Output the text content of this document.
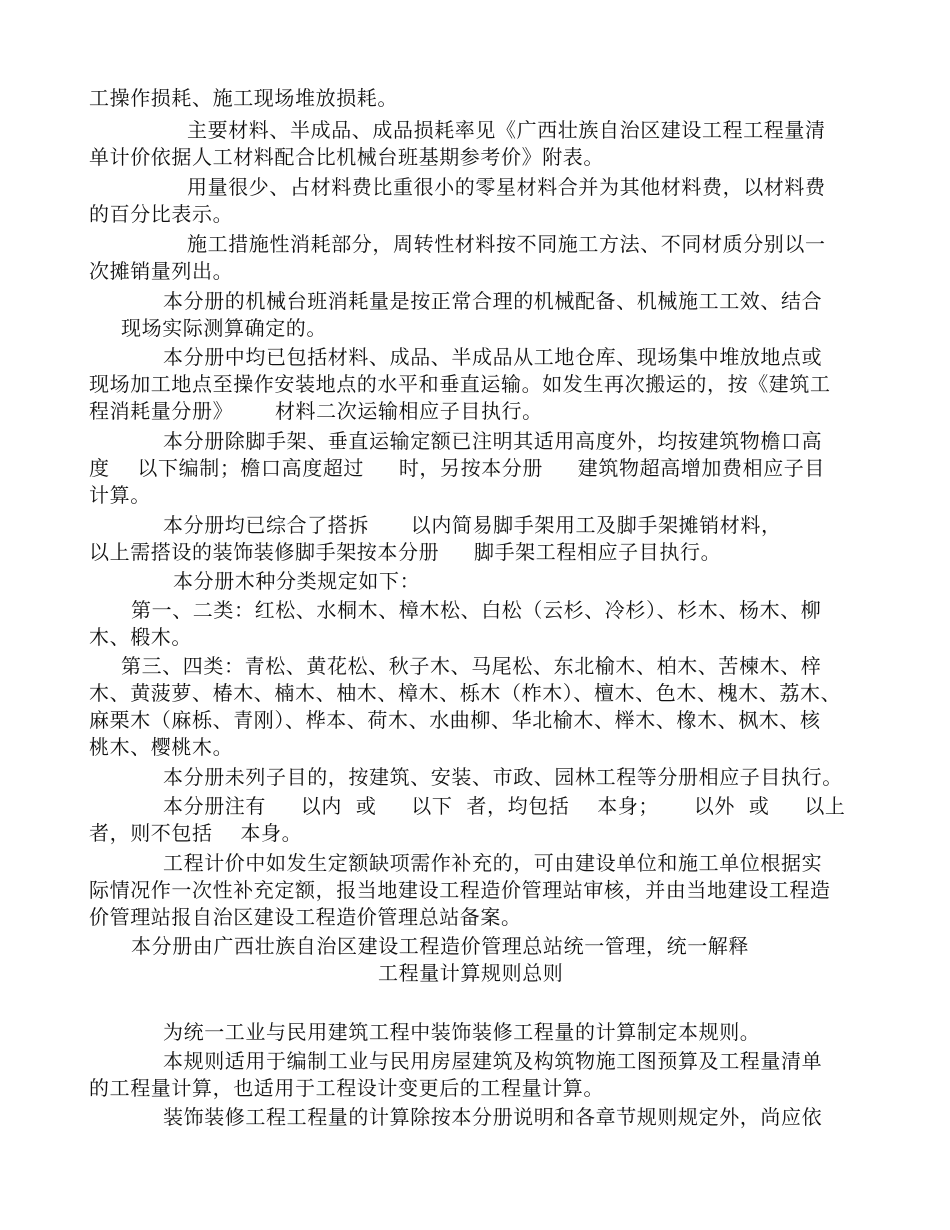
工操作损耗、施工现场堆放损耗。
主要材料、半成品、成品损耗率见《广西壮族自治区建设工程工程量清
单计价依据人工材料配合比机械台班基期参考价》附表。
用量很少、占材料费比重很小的零星材料合并为其他材料费，以材料费
的百分比表示。
施工措施性消耗部分，周转性材料按不同施工方法、不同材质分别以一
次摊销量列出。
本分册的机械台班消耗量是按正常合理的机械配备、机械施工工效、结合
现场实际测算确定的。
本分册中均已包括材料、成品、半成品从工地仓库、现场集中堆放地点或
现场加工地点至操作安装地点的水平和垂直运输。如发生再次搬运的，按《建筑工
程消耗量分册》      材料二次运输相应子目执行。
本分册除脚手架、垂直运输定额已注明其适用高度外，均按建筑物檐口高
度    以下编制；檐口高度超过     时，另按本分册     建筑物超高增加费相应子目
计算。
本分册均已综合了搭拆      以内简易脚手架用工及脚手架摊销材料，
以上需搭设的装饰装修脚手架按本分册     脚手架工程相应子目执行。
本分册木种分类规定如下：
第一、二类：红松、水桐木、樟木松、白松（云杉、冷杉）、杉木、杨木、柳
木、椴木。
第三、四类：青松、黄花松、秋子木、马尾松、东北榆木、柏木、苦楝木、梓
木、黄菠萝、椿木、楠木、柚木、樟木、栎木（柞木）、檀木、色木、槐木、荔木、
麻栗木（麻栎、青刚）、桦本、荷木、水曲柳、华北榆木、榉木、橡木、枫木、核
桃木、樱桃木。
本分册未列子目的，按建筑、安装、市政、园林工程等分册相应子目执行。
本分册注有     以内  或     以下  者，均包括    本身；     以外  或     以上
者，则不包括    本身。
工程计价中如发生定额缺项需作补充的，可由建设单位和施工单位根据实
际情况作一次性补充定额，报当地建设工程造价管理站审核，并由当地建设工程造
价管理站报自治区建设工程造价管理总站备案。
本分册由广西壮族自治区建设工程造价管理总站统一管理，统一解释
工程量计算规则总则
为统一工业与民用建筑工程中装饰装修工程量的计算制定本规则。
本规则适用于编制工业与民用房屋建筑及构筑物施工图预算及工程量清单
的工程量计算，也适用于工程设计变更后的工程量计算。
装饰装修工程工程量的计算除按本分册说明和各章节规则规定外，尚应依
